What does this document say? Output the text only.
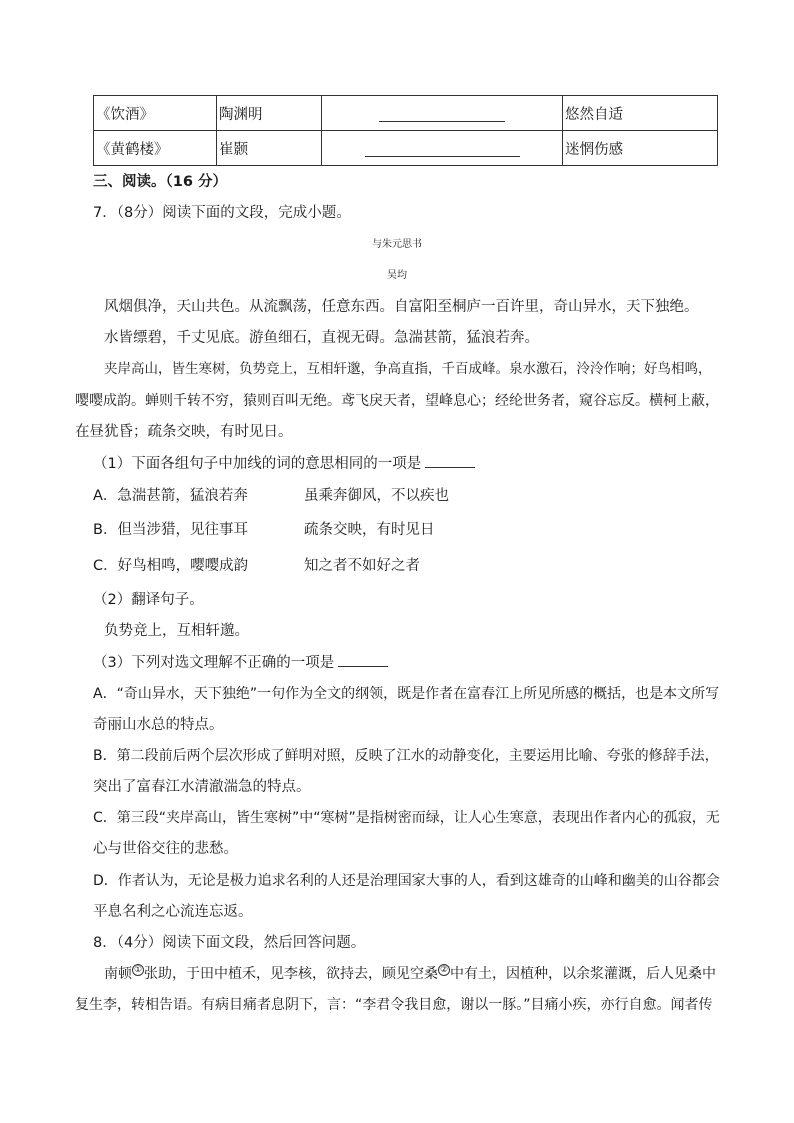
《饮酒》	陶渊明		悠然自适
《黄鹤楼》	崔颢		迷惘伤感
三、阅读。（16 分）
7．（8分）阅读下面的文段，完成小题。
与朱元思书
吴均
风烟俱净，天山共色。从流飘荡，任意东西。自富阳至桐庐一百许里，奇山异水，天下独绝。
水皆缥碧，千丈见底。游鱼细石，直视无碍。急湍甚箭，猛浪若奔。
夹岸高山，皆生寒树，负势竞上，互相轩邈，争高直指，千百成峰。泉水激石，泠泠作响；好鸟相鸣，
嘤嘤成韵。蝉则千转不穷，猿则百叫无绝。鸢飞戾天者，望峰息心；经纶世务者，窥谷忘反。横柯上蔽，
在昼犹昏；疏条交映，有时见日。
（1）下面各组句子中加线的词的意思相同的一项是
A．急湍甚箭，猛浪若奔	虽乘奔御风，不以疾也
B．但当涉猎，见往事耳	疏条交映，有时见日
C．好鸟相鸣，嘤嘤成韵	知之者不如好之者
（2）翻译句子。
负势竞上，互相轩邈。
（3）下列对选文理解不正确的一项是
A．“奇山异水，天下独绝”一句作为全文的纲领，既是作者在富春江上所见所感的概括，也是本文所写
奇丽山水总的特点。
B．第二段前后两个层次形成了鲜明对照，反映了江水的动静变化，主要运用比喻、夸张的修辞手法，
突出了富春江水清澈湍急的特点。
C．第三段“夹岸高山，皆生寒树”中“寒树”是指树密而绿，让人心生寒意，表现出作者内心的孤寂，无
心与世俗交往的悲愁。
D．作者认为，无论是极力追求名利的人还是治理国家大事的人，看到这雄奇的山峰和幽美的山谷都会
平息名利之心流连忘返。
8．（4分）阅读下面文段，然后回答问题。
南顿 ① 张助，于田中植禾，见李核，欲持去，顾见空桑 ② 中有土，因植种，以余浆灌溉，后人见桑中
复生李，转相告语。有病目痛者息阴下，言：“李君令我目愈，谢以一豚。”目痛小疾，亦行自愈。闻者传
